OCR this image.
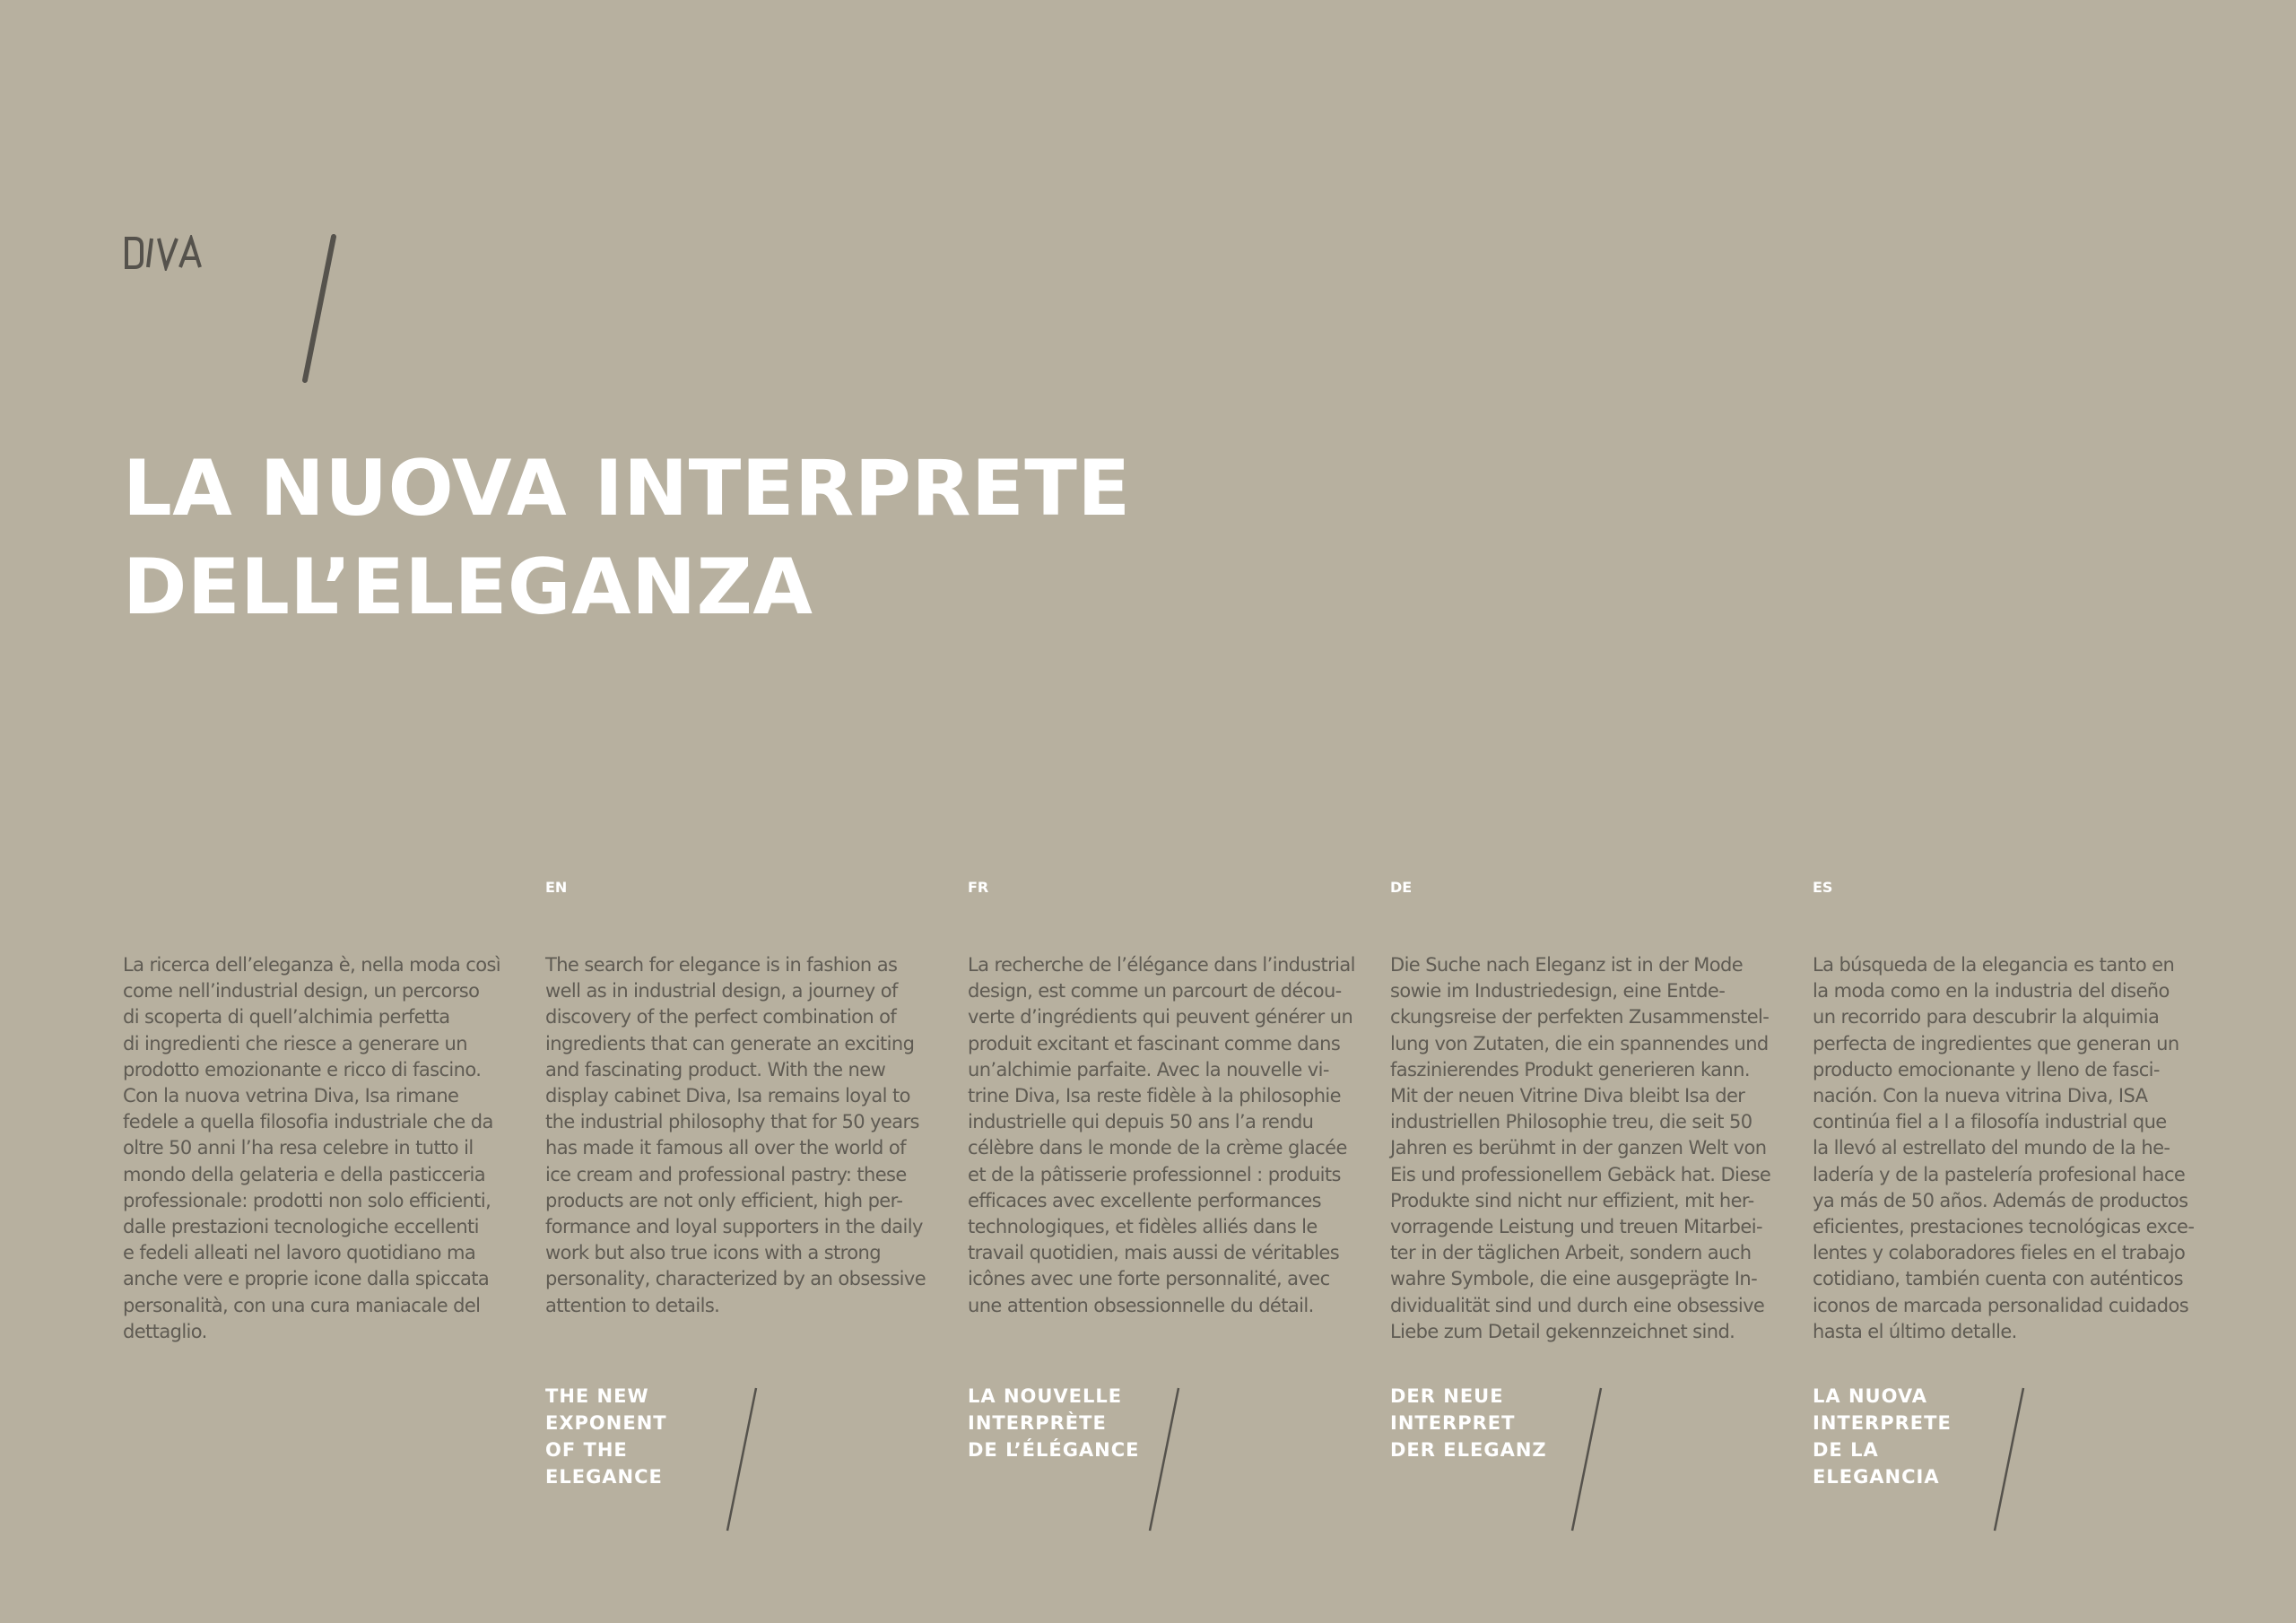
LA NUOVA INTERPRETE
DELL’ELEGANZA

La ricerca dell’eleganza è, nella moda così
come nell’industrial design, un percorso
di scoperta di quell’alchimia perfetta
di ingredienti che riesce a generare un
prodotto emozionante e ricco di fascino.
Con la nuova vetrina Diva, Isa rimane
fedele a quella filosofia industriale che da
oltre 50 anni l’ha resa celebre in tutto il
mondo della gelateria e della pasticceria
professionale: prodotti non solo efficienti,
dalle prestazioni tecnologiche eccellenti
e fedeli alleati nel lavoro quotidiano ma
anche vere e proprie icone dalla spiccata
personalità, con una cura maniacale del
dettaglio.

EN

The search for elegance is in fashion as
well as in industrial design, a journey of
discovery of the perfect combination of
ingredients that can generate an exciting
and fascinating product. With the new
display cabinet Diva, Isa remains loyal to
the industrial philosophy that for 50 years
has made it famous all over the world of
ice cream and professional pastry: these
products are not only efficient, high per-
formance and loyal supporters in the daily
work but also true icons with a strong
personality, characterized by an obsessive
attention to details.

THE NEW
EXPONENT
OF THE
ELEGANCE

FR

La recherche de l’élégance dans l’industrial
design, est comme un parcourt de décou-
verte d’ingrédients qui peuvent générer un
produit excitant et fascinant comme dans
un’alchimie parfaite. Avec la nouvelle vi-
trine Diva, Isa reste fidèle à la philosophie
industrielle qui depuis 50 ans l’a rendu
célèbre dans le monde de la crème glacée
et de la pâtisserie professionnel : produits
efficaces avec excellente performances
technologiques, et fidèles alliés dans le
travail quotidien, mais aussi de véritables
icônes avec une forte personnalité, avec
une attention obsessionnelle du détail.

LA NOUVELLE
INTERPRÈTE
DE L’ÉLÉGANCE

DE

Die Suche nach Eleganz ist in der Mode
sowie im Industriedesign, eine Entde-
ckungsreise der perfekten Zusammenstel-
lung von Zutaten, die ein spannendes und
faszinierendes Produkt generieren kann.
Mit der neuen Vitrine Diva bleibt Isa der
industriellen Philosophie treu, die seit 50
Jahren es berühmt in der ganzen Welt von
Eis und professionellem Gebäck hat. Diese
Produkte sind nicht nur effizient, mit her-
vorragende Leistung und treuen Mitarbei-
ter in der täglichen Arbeit, sondern auch
wahre Symbole, die eine ausgeprägte In-
dividualität sind und durch eine obsessive
Liebe zum Detail gekennzeichnet sind.

DER NEUE
INTERPRET
DER ELEGANZ

ES

La búsqueda de la elegancia es tanto en
la moda como en la industria del diseño
un recorrido para descubrir la alquimia
perfecta de ingredientes que generan un
producto emocionante y lleno de fasci-
nación. Con la nueva vitrina Diva, ISA
continúa fiel a l a filosofía industrial que
la llevó al estrellato del mundo de la he-
ladería y de la pastelería profesional hace
ya más de 50 años. Además de productos
eficientes, prestaciones tecnológicas exce-
lentes y colaboradores fieles en el trabajo
cotidiano, también cuenta con auténticos
iconos de marcada personalidad cuidados
hasta el último detalle.

LA NUOVA
INTERPRETE
DE LA
ELEGANCIA
